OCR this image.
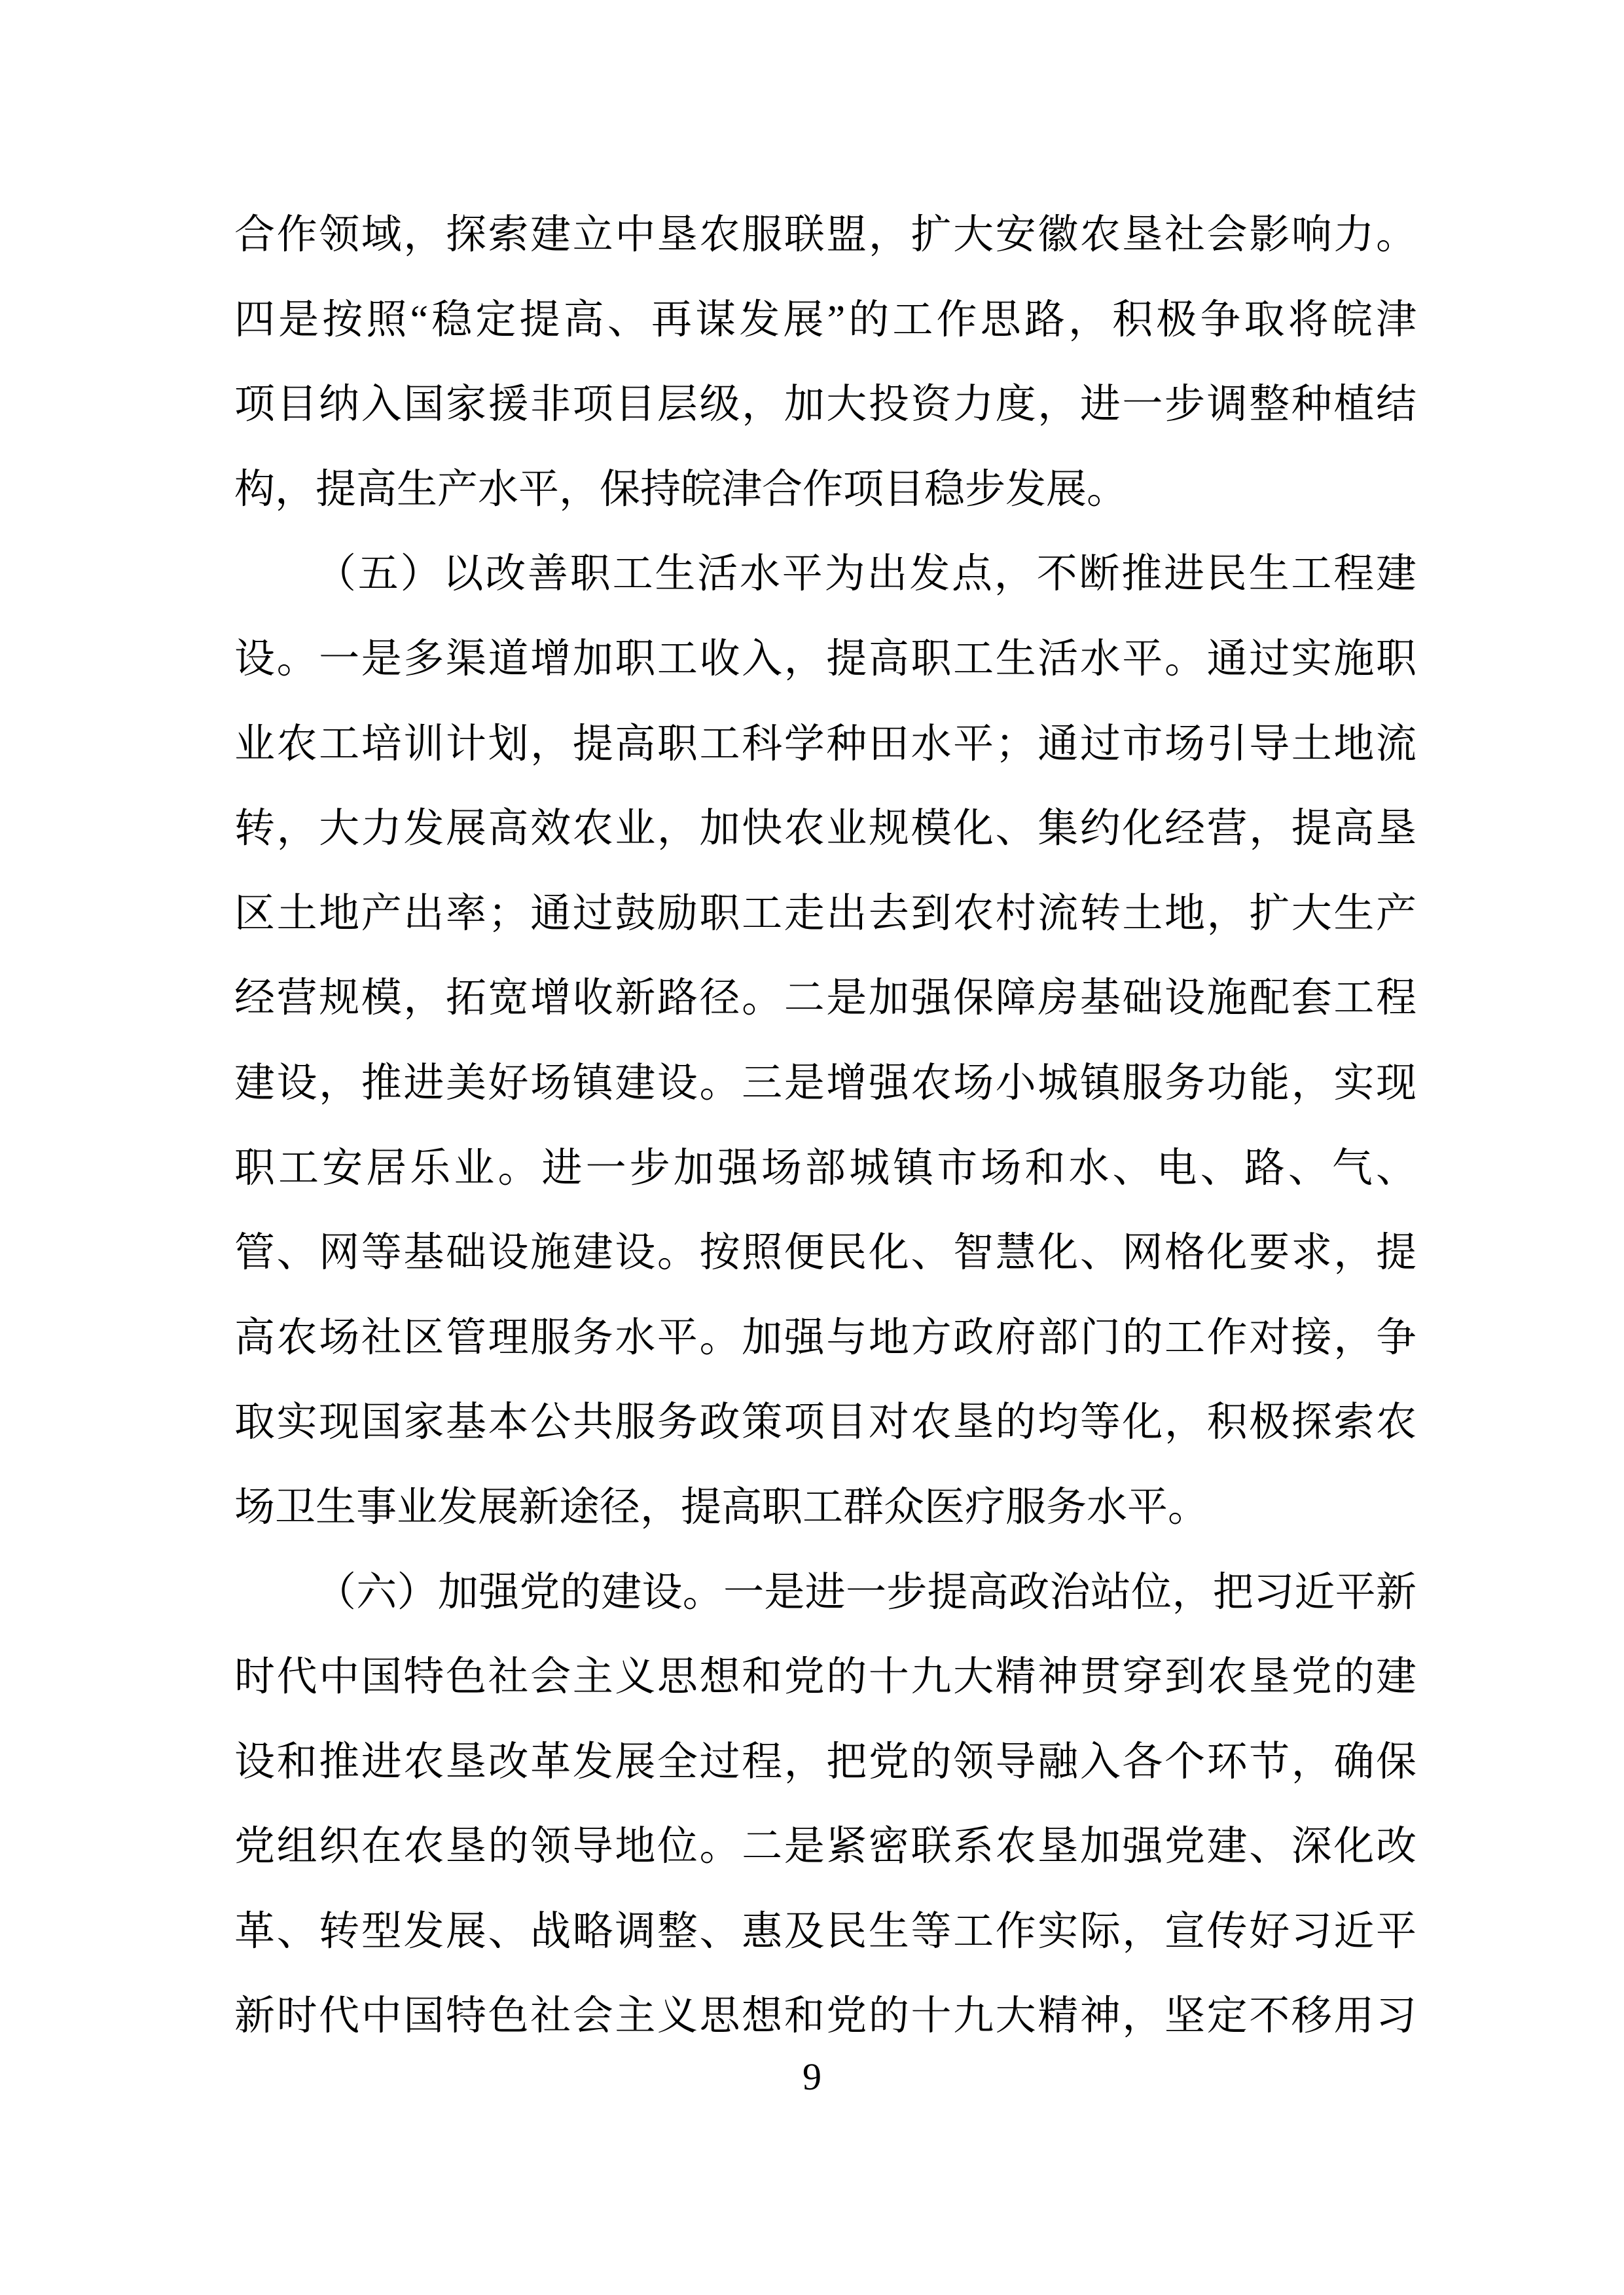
合作领域，探索建立中垦农服联盟，扩大安徽农垦社会影响力。
四是按照“稳定提高、再谋发展”的工作思路，积极争取将皖津
项目纳入国家援非项目层级，加大投资力度，进一步调整种植结
构，提高生产水平，保持皖津合作项目稳步发展。
（五）以改善职工生活水平为出发点，不断推进民生工程建
设。一是多渠道增加职工收入，提高职工生活水平。通过实施职
业农工培训计划，提高职工科学种田水平；通过市场引导土地流
转，大力发展高效农业，加快农业规模化、集约化经营，提高垦
区土地产出率；通过鼓励职工走出去到农村流转土地，扩大生产
经营规模，拓宽增收新路径。二是加强保障房基础设施配套工程
建设，推进美好场镇建设。三是增强农场小城镇服务功能，实现
职工安居乐业。进一步加强场部城镇市场和水、电、路、气、
管、网等基础设施建设。按照便民化、智慧化、网格化要求，提
高农场社区管理服务水平。加强与地方政府部门的工作对接，争
取实现国家基本公共服务政策项目对农垦的均等化，积极探索农
场卫生事业发展新途径，提高职工群众医疗服务水平。
（六）加强党的建设。一是进一步提高政治站位，把习近平新
时代中国特色社会主义思想和党的十九大精神贯穿到农垦党的建
设和推进农垦改革发展全过程，把党的领导融入各个环节，确保
党组织在农垦的领导地位。二是紧密联系农垦加强党建、深化改
革、转型发展、战略调整、惠及民生等工作实际，宣传好习近平
新时代中国特色社会主义思想和党的十九大精神，坚定不移用习
9
